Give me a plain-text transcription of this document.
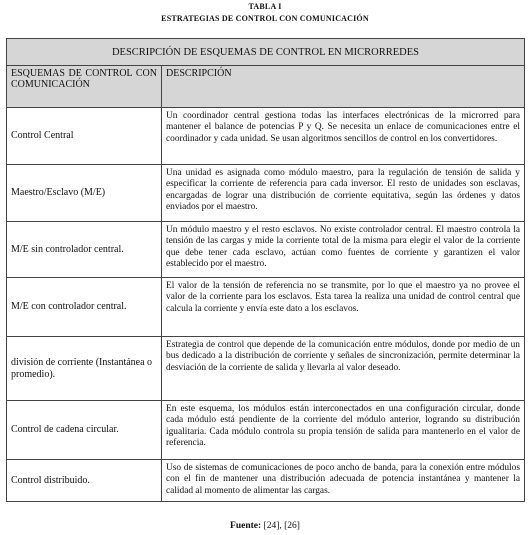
TABLA I
ESTRATEGIAS DE CONTROL CON COMUNICACIÓN
DESCRIPCIÓN DE ESQUEMAS DE CONTROL EN MICRORREDES	
ESQUEMAS DE CONTROL CON COMUNICACIÓN	DESCRIPCIÓN
Control Central	Un coordinador central gestiona todas las interfaces electrónicas de la microrred para mantener el balance de potencias P y Q. Se necesita un enlace de comunicaciones entre el coordinador y cada unidad. Se usan algoritmos sencillos de control en los convertidores.
Maestro/Esclavo (M/E)	Una unidad es asignada como módulo maestro, para la regulación de tensión de salida y especificar la corriente de referencia para cada inversor. El resto de unidades son esclavas, encargadas de lograr una distribución de corriente equitativa, según las órdenes y datos enviados por el maestro.
M/E sin controlador central.	Un módulo maestro y el resto esclavos. No existe controlador central. El maestro controla la tensión de las cargas y mide la corriente total de la misma para elegir el valor de la corriente que debe tener cada esclavo, actúan como fuentes de corriente y garantizen el valor establecido por el maestro.
M/E con controlador central.	El valor de la tensión de referencia no se transmite, por lo que el maestro ya no provee el valor de la corriente para los esclavos. Esta tarea la realiza una unidad de control central que calcula la corriente y envía este dato a los esclavos.
división de corriente (Instantánea o promedio).	Estrategia de control que depende de la comunicación entre módulos, donde por medio de un bus dedicado a la distribución de corriente y señales de sincronización, permite determinar la desviación de la corriente de salida y llevarla al valor deseado.
Control de cadena circular.	En este esquema, los módulos están interconectados en una configuración circular, donde cada módulo está pendiente de la corriente del módulo anterior, logrando su distribución igualitaria. Cada módulo controla su propia tensión de salida para mantenerlo en el valor de referencia.
Control distribuido.	Uso de sistemas de comunicaciones de poco ancho de banda, para la conexión entre módulos con el fin de mantener una distribución adecuada de potencia instantánea y mantener la calidad al momento de alimentar las cargas.
Fuente: [24], [26]
